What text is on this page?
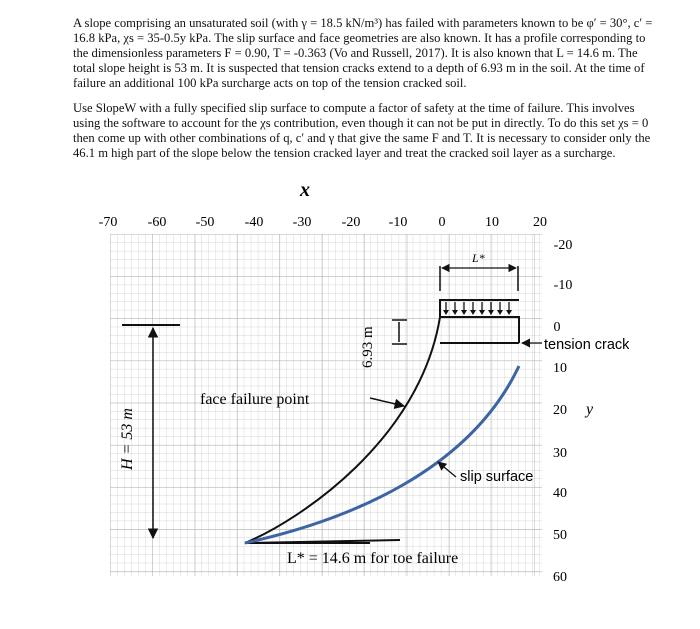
A slope comprising an unsaturated soil (with γ = 18.5 kN/m³) has failed with parameters known to be φ′ = 30°, c′ = 16.8 kPa, χs = 35-0.5y kPa. The slip surface and face geometries are also known. It has a profile corresponding to the dimensionless parameters F = 0.90, T = -0.363 (Vo and Russell, 2017). It is also known that L = 14.6 m. The total slope height is 53 m. It is suspected that tension cracks extend to a depth of 6.93 m in the soil. At the time of failure an additional 100 kPa surcharge acts on top of the tension cracked soil.

Use SlopeW with a fully specified slip surface to compute a factor of safety at the time of failure. This involves using the software to account for the χs contribution, even though it can not be put in directly. To do this set χs = 0 then come up with other combinations of q, c′ and γ that give the same F and T. It is necessary to consider only the 46.1 m high part of the slope below the tension cracked layer and treat the cracked soil layer as a surcharge.

x
-70 -60 -50 -40 -30 -20 -10 0	10 20
-20
-10
0
10
20
30
40
50
60
y
L*
H = 53 m
6.93 m
face failure point
tension crack
slip surface
L* = 14.6 m for toe failure
